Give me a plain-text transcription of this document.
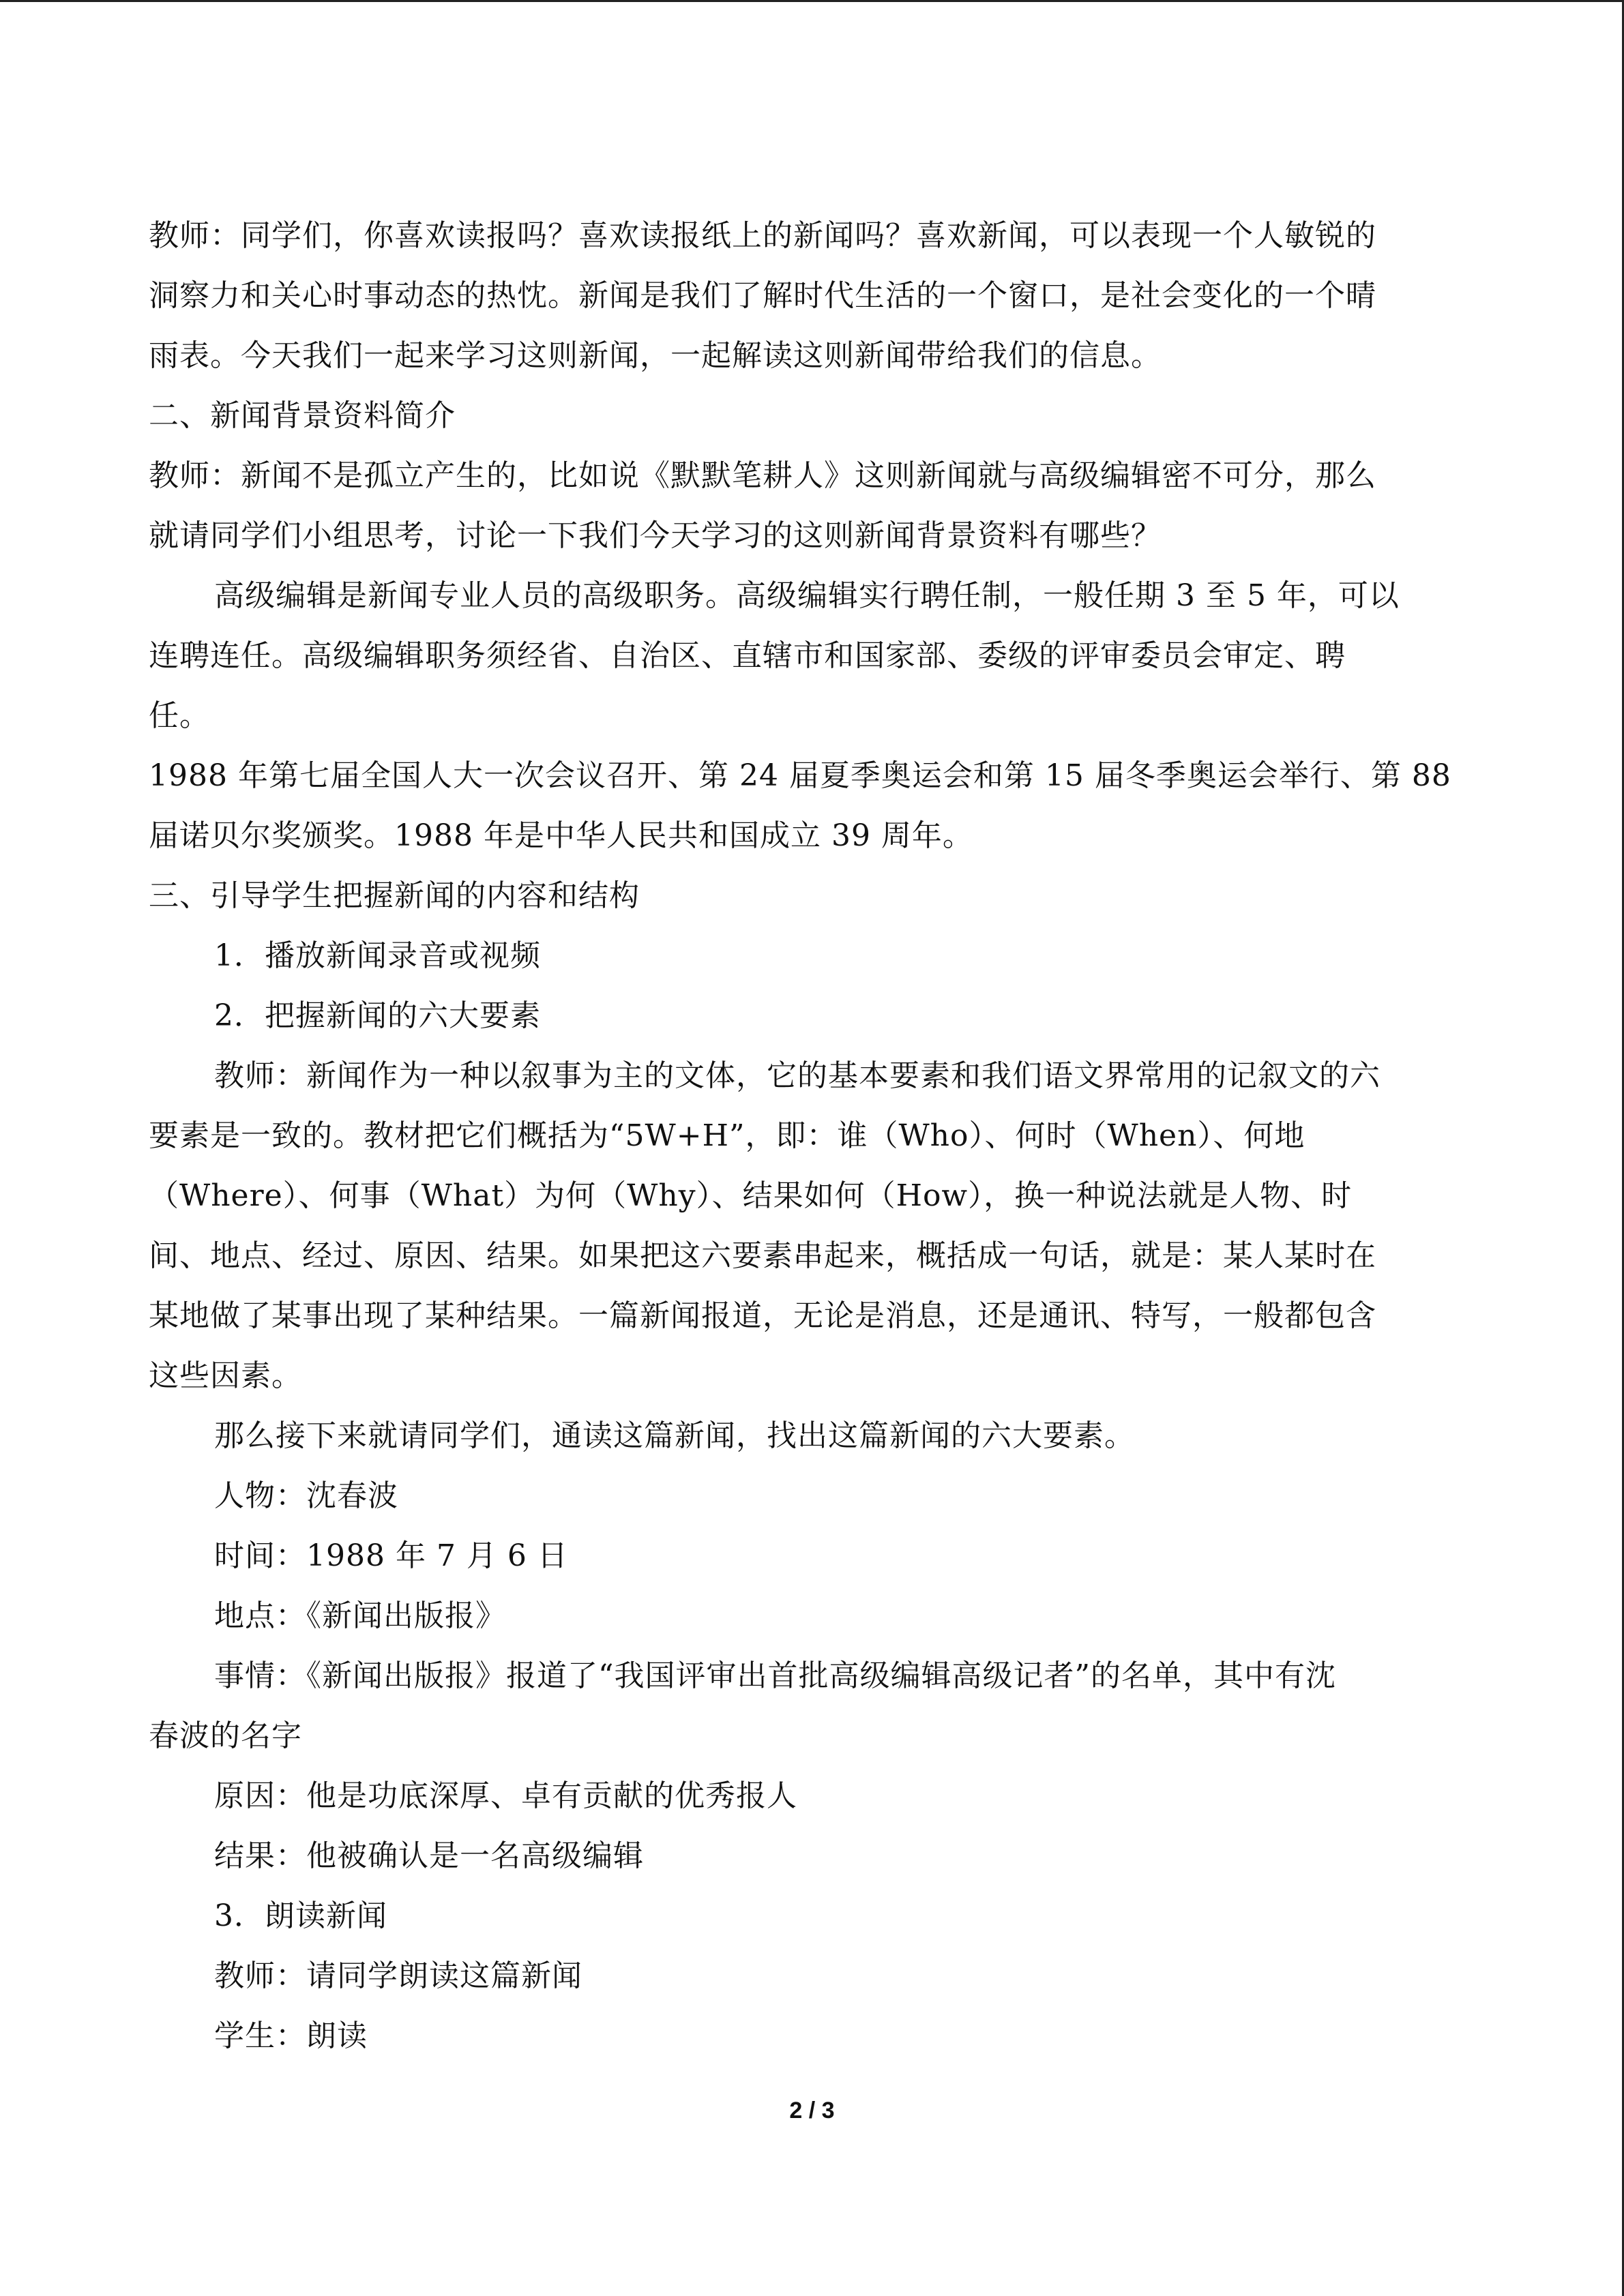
教师：同学们，你喜欢读报吗？喜欢读报纸上的新闻吗？喜欢新闻，可以表现一个人敏锐的

洞察力和关心时事动态的热忱。新闻是我们了解时代生活的一个窗口，是社会变化的一个晴

雨表。今天我们一起来学习这则新闻，一起解读这则新闻带给我们的信息。

二、新闻背景资料简介

教师：新闻不是孤立产生的，比如说《默默笔耕人》这则新闻就与高级编辑密不可分，那么

就请同学们小组思考，讨论一下我们今天学习的这则新闻背景资料有哪些？

高级编辑是新闻专业人员的高级职务。高级编辑实行聘任制，一般任期 3 至 5 年，可以

连聘连任。高级编辑职务须经省、自治区、直辖市和国家部、委级的评审委员会审定、聘

任。

1988 年第七届全国人大一次会议召开、第 24 届夏季奥运会和第 15 届冬季奥运会举行、第 88

届诺贝尔奖颁奖。1988 年是中华人民共和国成立 39 周年。

三、引导学生把握新闻的内容和结构

1．播放新闻录音或视频

2．把握新闻的六大要素

教师：新闻作为一种以叙事为主的文体，它的基本要素和我们语文界常用的记叙文的六

要素是一致的。教材把它们概括为“5W+H”，即：谁（Who）、何时（When）、何地

（Where）、何事（What）为何（Why）、结果如何（How），换一种说法就是人物、时

间、地点、经过、原因、结果。如果把这六要素串起来，概括成一句话，就是：某人某时在

某地做了某事出现了某种结果。一篇新闻报道，无论是消息，还是通讯、特写，一般都包含

这些因素。

那么接下来就请同学们，通读这篇新闻，找出这篇新闻的六大要素。

人物：沈春波

时间：1988 年 7 月 6 日

地点：《新闻出版报》

事情：《新闻出版报》报道了“我国评审出首批高级编辑高级记者”的名单，其中有沈

春波的名字

原因：他是功底深厚、卓有贡献的优秀报人

结果：他被确认是一名高级编辑

3．朗读新闻

教师：请同学朗读这篇新闻

学生：朗读

2 / 3
